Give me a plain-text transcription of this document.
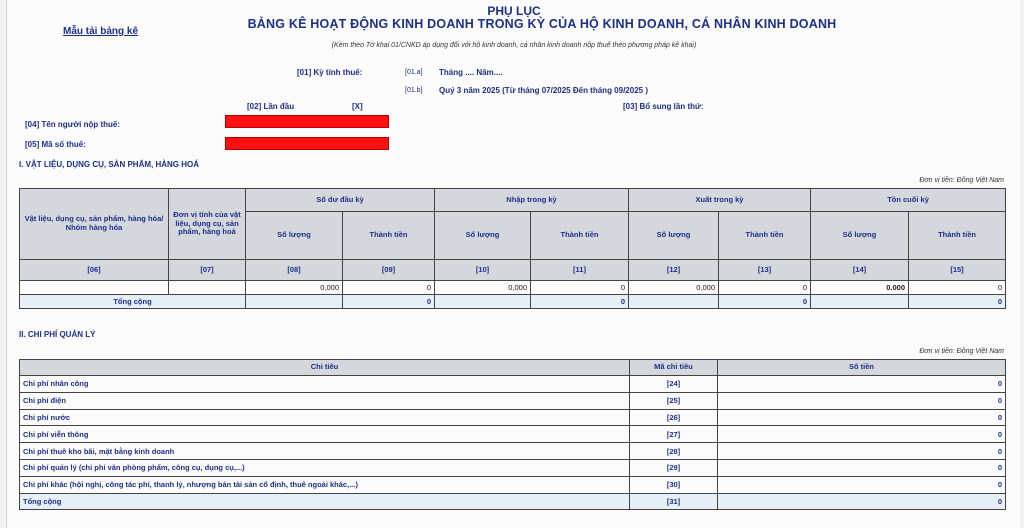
Mẫu tải bảng kê
PHỤ LỤC
BẢNG KÊ HOẠT ĐỘNG KINH DOANH TRONG KỲ CỦA HỘ KINH DOANH, CÁ NHÂN KINH DOANH
(Kèm theo Tờ khai 01/CNKD áp dụng đối với hộ kinh doanh, cá nhân kinh doanh nộp thuế theo phương pháp kê khai)
[01] Kỳ tính thuế:	[01.a] Tháng .... Năm....
[01.b] Quý 3 năm 2025 (Từ tháng 07/2025 Đến tháng 09/2025 )
[02] Lần đầu	[X]	[03] Bổ sung lần thứ:
[04] Tên người nộp thuế:
[05] Mã số thuế:
I. VẬT LIỆU, DỤNG CỤ, SẢN PHẨM, HÀNG HOÁ
Đơn vị tiền: Đồng Việt Nam
Vật liệu, dụng cụ, sản phẩm, hàng hóa/ Nhóm hàng hóa	Đơn vị tính của vật liệu, dụng cụ, sản phẩm, hàng hoá	Số dư đầu kỳ		Nhập trong kỳ		Xuất trong kỳ		Tồn cuối kỳ	
		Số lượng	Thành tiền	Số lượng	Thành tiền	Số lượng	Thành tiền	Số lượng	Thành tiền
[06]	[07]	[08]	[09]	[10]	[11]	[12]	[13]	[14]	[15]
		0,000	0	0,000	0	0,000	0	0.000	0
Tổng cộng			0		0		0		0
II. CHI PHÍ QUẢN LÝ
Đơn vị tiền: Đồng Việt Nam
Chỉ tiêu	Mã chỉ tiêu	Số tiền
Chi phí nhân công	[24]	0
Chi phí điện	[25]	0
Chi phí nước	[26]	0
Chi phí viễn thông	[27]	0
Chi phí thuê kho bãi, mặt bằng kinh doanh	[28]	0
Chi phí quản lý (chi phí văn phòng phẩm, công cụ, dụng cụ,...)	[29]	0
Chi phí khác (hội nghị, công tác phí, thanh lý, nhượng bán tài sản cố định, thuê ngoài khác,...)	[30]	0
Tổng cộng	[31]	0
